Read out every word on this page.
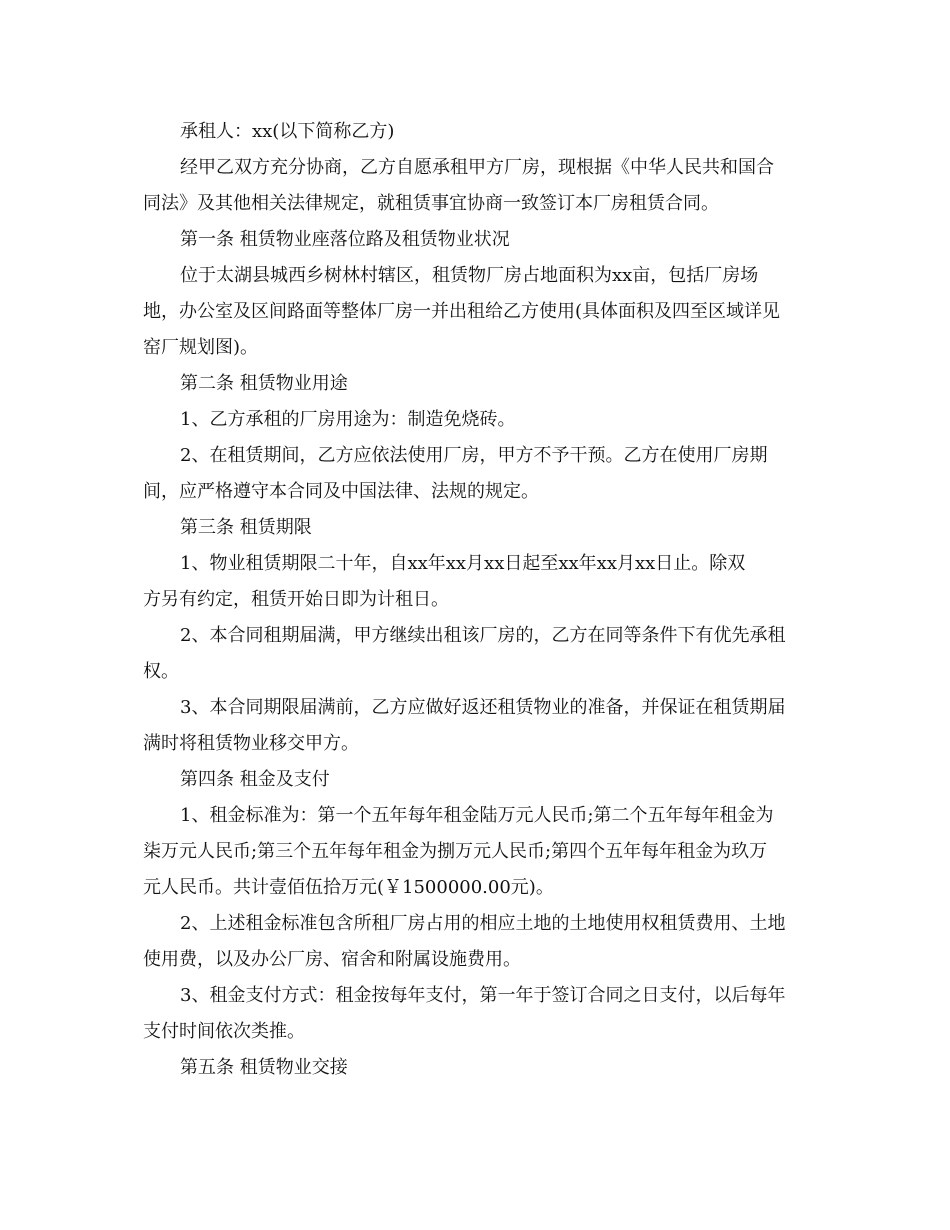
承租人：xx(以下简称乙方)
经甲乙双方充分协商，乙方自愿承租甲方厂房，现根据《中华人民共和国合
同法》及其他相关法律规定，就租赁事宜协商一致签订本厂房租赁合同。
第一条 租赁物业座落位路及租赁物业状况
位于太湖县城西乡树林村辖区，租赁物厂房占地面积为xx亩，包括厂房场
地，办公室及区间路面等整体厂房一并出租给乙方使用(具体面积及四至区域详见
窑厂规划图)。
第二条 租赁物业用途
1、乙方承租的厂房用途为：制造免烧砖。
2、在租赁期间，乙方应依法使用厂房，甲方不予干预。乙方在使用厂房期
间，应严格遵守本合同及中国法律、法规的规定。
第三条 租赁期限
1、物业租赁期限二十年，自xx年xx月xx日起至xx年xx月xx日止。除双
方另有约定，租赁开始日即为计租日。
2、本合同租期届满，甲方继续出租该厂房的，乙方在同等条件下有优先承租
权。
3、本合同期限届满前，乙方应做好返还租赁物业的准备，并保证在租赁期届
满时将租赁物业移交甲方。
第四条 租金及支付
1、租金标准为：第一个五年每年租金陆万元人民币;第二个五年每年租金为
柒万元人民币;第三个五年每年租金为捌万元人民币;第四个五年每年租金为玖万
元人民币。共计壹佰伍拾万元(￥1500000.00元)。
2、上述租金标准包含所租厂房占用的相应土地的土地使用权租赁费用、土地
使用费，以及办公厂房、宿舍和附属设施费用。
3、租金支付方式：租金按每年支付，第一年于签订合同之日支付，以后每年
支付时间依次类推。
第五条 租赁物业交接
